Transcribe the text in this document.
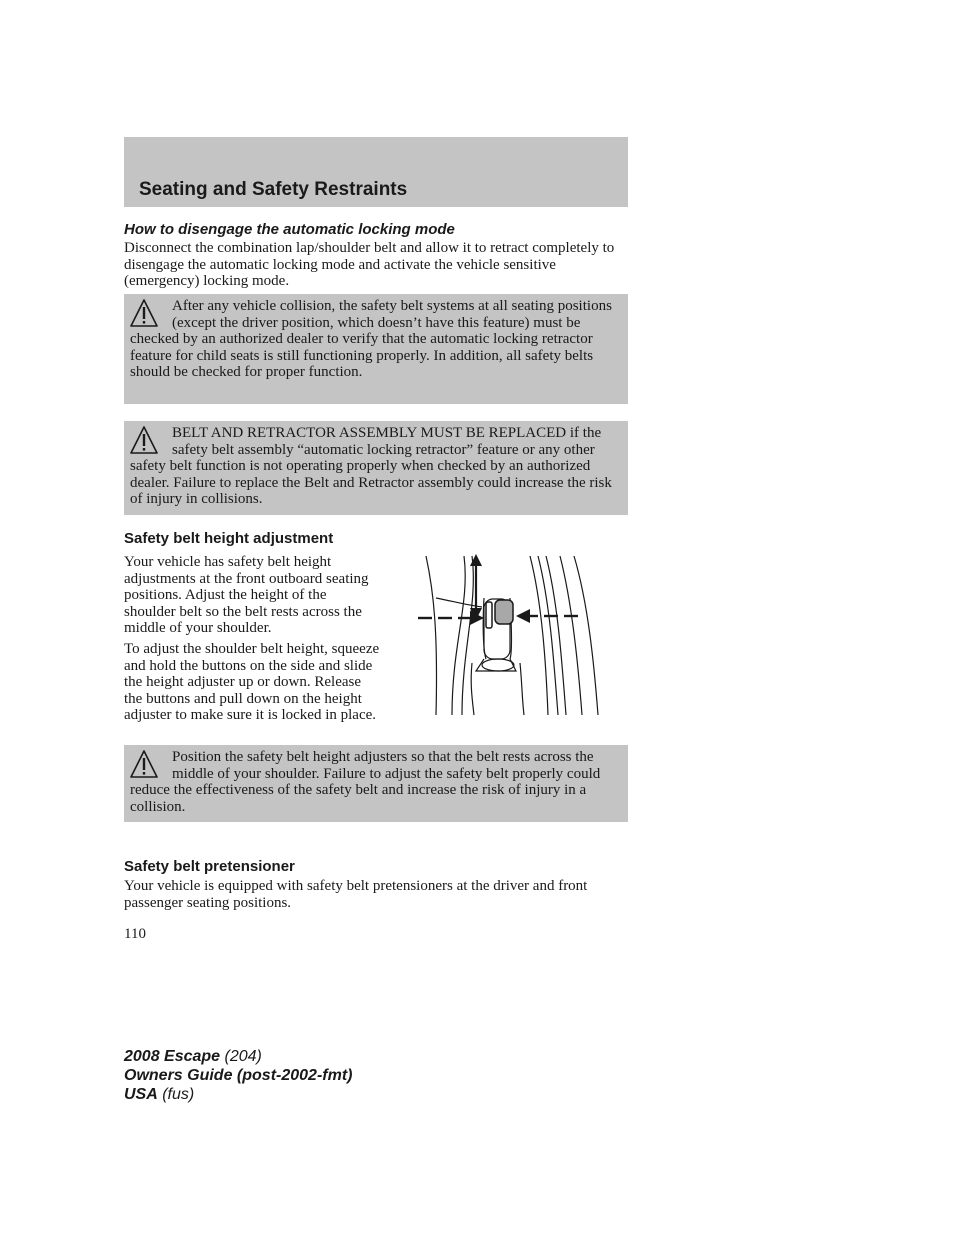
Seating and Safety Restraints
How to disengage the automatic locking mode

Disconnect the combination lap/shoulder belt and allow it to retract completely to disengage the automatic locking mode and activate the vehicle sensitive (emergency) locking mode.

After any vehicle collision, the safety belt systems at all seating positions (except the driver position, which doesn’t have this feature) must be checked by an authorized dealer to verify that the automatic locking retractor feature for child seats is still functioning properly. In addition, all safety belts should be checked for proper function.

BELT AND RETRACTOR ASSEMBLY MUST BE REPLACED if the safety belt assembly “automatic locking retractor” feature or any other safety belt function is not operating properly when checked by an authorized dealer. Failure to replace the Belt and Retractor assembly could increase the risk of injury in collisions.

Safety belt height adjustment

Your vehicle has safety belt height adjustments at the front outboard seating positions. Adjust the height of the shoulder belt so the belt rests across the middle of your shoulder.

To adjust the shoulder belt height, squeeze and hold the buttons on the side and slide the height adjuster up or down. Release the buttons and pull down on the height adjuster to make sure it is locked in place.

Position the safety belt height adjusters so that the belt rests across the middle of your shoulder. Failure to adjust the safety belt properly could reduce the effectiveness of the safety belt and increase the risk of injury in a collision.

Safety belt pretensioner

Your vehicle is equipped with safety belt pretensioners at the driver and front passenger seating positions.

110

2008 Escape (204)
Owners Guide (post-2002-fmt)
USA (fus)
